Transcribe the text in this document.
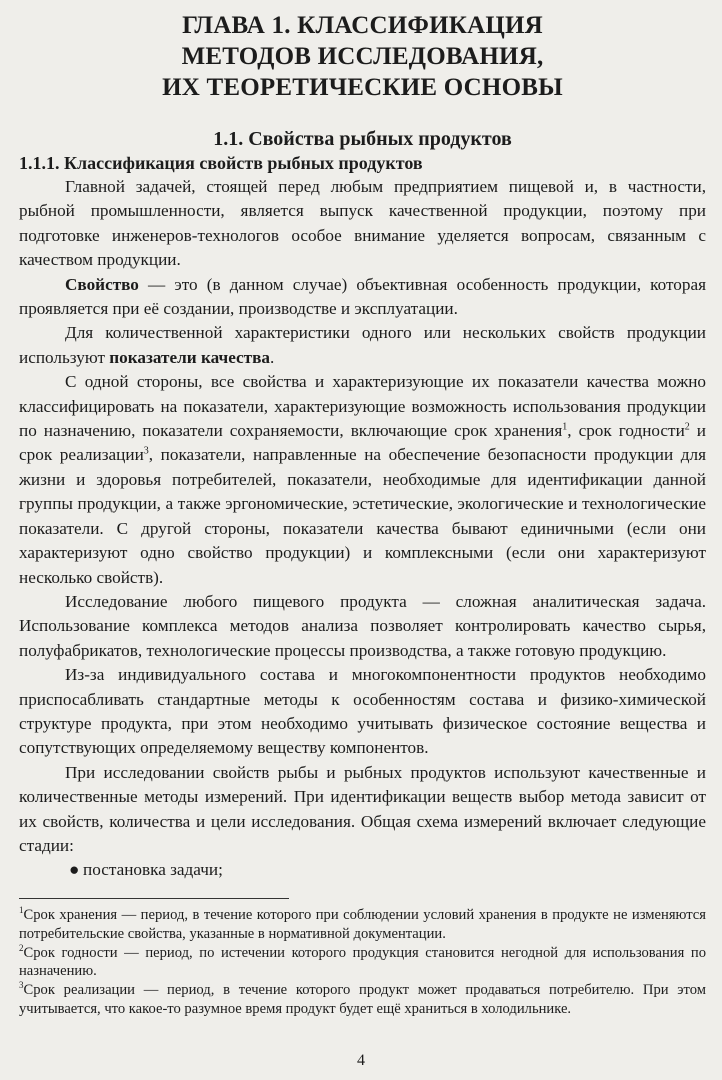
ГЛАВА 1. КЛАССИФИКАЦИЯ
МЕТОДОВ ИССЛЕДОВАНИЯ,
ИХ ТЕОРЕТИЧЕСКИЕ ОСНОВЫ
1.1. Свойства рыбных продуктов
1.1.1. Классификация свойств рыбных продуктов

Главной задачей, стоящей перед любым предприятием пищевой и, в частности, рыбной промышленности, является выпуск качественной продукции, поэтому при подготовке инженеров-технологов особое внимание уделяется вопросам, связанным с качеством продукции.

Свойство — это (в данном случае) объективная особенность продукции, которая проявляется при её создании, производстве и эксплуатации.

Для количественной характеристики одного или нескольких свойств продукции используют показатели качества.

С одной стороны, все свойства и характеризующие их показатели качества можно классифицировать на показатели, характеризующие возможность использования продукции по назначению, показатели сохраняемости, включающие срок хранения$^1$, срок годности$^2$ и срок реализации$^3$, показатели, направленные на обеспечение безопасности продукции для жизни и здоровья потребителей, показатели, необходимые для идентификации данной группы продукции, а также эргономические, эстетические, экологические и технологические показатели. С другой стороны, показатели качества бывают единичными (если они характеризуют одно свойство продукции) и комплексными (если они характеризуют несколько свойств).

Исследование любого пищевого продукта — сложная аналитическая задача. Использование комплекса методов анализа позволяет контролировать качество сырья, полуфабрикатов, технологические процессы производства, а также готовую продукцию.

Из-за индивидуального состава и многокомпонентности продуктов необходимо приспосабливать стандартные методы к особенностям состава и физико-химической структуре продукта, при этом необходимо учитывать физическое состояние вещества и сопутствующих определяемому веществу компонентов.

При исследовании свойств рыбы и рыбных продуктов используют качественные и количественные методы измерений. При идентификации веществ выбор метода зависит от их свойств, количества и цели исследования. Общая схема измерений включает следующие стадии:

● постановка задачи;

$^1$Срок хранения — период, в течение которого при соблюдении условий хранения в продукте не изменяются потребительские свойства, указанные в нормативной документации.

$^2$Срок годности — период, по истечении которого продукция становится негодной для использования по назначению.

$^3$Срок реализации — период, в течение которого продукт может продаваться потребителю. При этом учитывается, что какое-то разумное время продукт будет ещё храниться в холодильнике.

4
